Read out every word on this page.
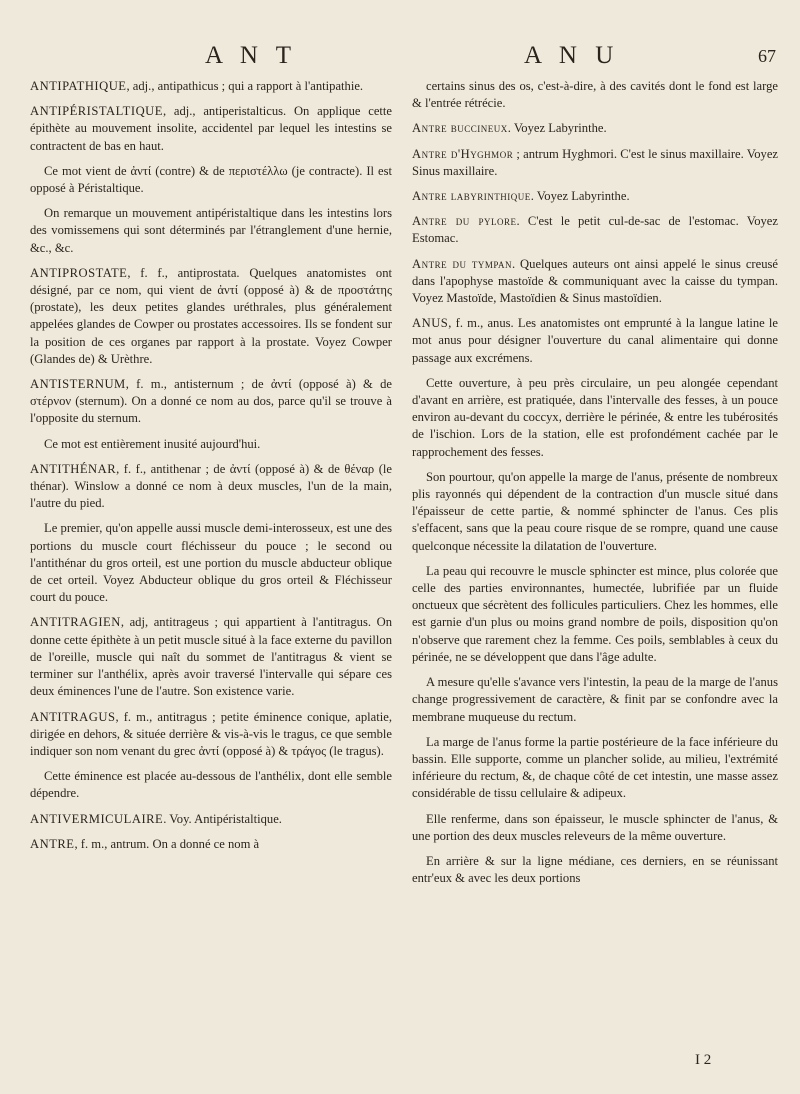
A N T	A N U	67

ANTIPATHIQUE, adj., antipathicus ; qui a rapport à l'antipathie.

ANTIPÉRISTALTIQUE, adj., antiperistalticus. On applique cette épithète au mouvement insolite, accidentel par lequel les intestins se contractent de bas en haut.

Ce mot vient de ἀντί (contre) & de περιστέλλω (je contracte). Il est opposé à Péristaltique.

On remarque un mouvement antipéristaltique dans les intestins lors des vomissemens qui sont déterminés par l'étranglement d'une hernie, &c., &c.

ANTIPROSTATE, f. f., antiprostata. Quelques anatomistes ont désigné, par ce nom, qui vient de ἀντί (opposé à) & de προστάτης (prostate), les deux petites glandes uréthrales, plus généralement appelées glandes de Cowper ou prostates accessoires. Ils se fondent sur la position de ces organes par rapport à la prostate. Voyez Cowper (Glandes de) & Urèthre.

ANTISTERNUM, f. m., antisternum ; de ἀντί (opposé à) & de στέρνον (sternum). On a donné ce nom au dos, parce qu'il se trouve à l'opposite du sternum.

Ce mot est entièrement inusité aujourd'hui.

ANTITHÉNAR, f. f., antithenar ; de ἀντί (opposé à) & de θέναρ (le thénar). Winslow a donné ce nom à deux muscles, l'un de la main, l'autre du pied.

Le premier, qu'on appelle aussi muscle demi-interosseux, est une des portions du muscle court fléchisseur du pouce ; le second ou l'antithénar du gros orteil, est une portion du muscle abducteur oblique de cet orteil. Voyez Abducteur oblique du gros orteil & Fléchisseur court du pouce.

ANTITRAGIEN, adj, antitrageus ; qui appartient à l'antitragus. On donne cette épithète à un petit muscle situé à la face externe du pavillon de l'oreille, muscle qui naît du sommet de l'antitragus & vient se terminer sur l'anthélix, après avoir traversé l'intervalle qui sépare ces deux éminences l'une de l'autre. Son existence varie.

ANTITRAGUS, f. m., antitragus ; petite éminence conique, aplatie, dirigée en dehors, & située derrière & vis-à-vis le tragus, ce que semble indiquer son nom venant du grec ἀντί (opposé à) & τράγος (le tragus).

Cette éminence est placée au-dessous de l'anthélix, dont elle semble dépendre.

ANTIVERMICULAIRE. Voy. Antipéristaltique.

ANTRE, f. m., antrum. On a donné ce nom à

certains sinus des os, c'est-à-dire, à des cavités dont le fond est large & l'entrée rétrécie.

Antre buccineux. Voyez Labyrinthe.

Antre d'Hyghmor ; antrum Hyghmori. C'est le sinus maxillaire. Voyez Sinus maxillaire.

Antre labyrinthique. Voyez Labyrinthe.

Antre du pylore. C'est le petit cul-de-sac de l'estomac. Voyez Estomac.

Antre du tympan. Quelques auteurs ont ainsi appelé le sinus creusé dans l'apophyse mastoïde & communiquant avec la caisse du tympan. Voyez Mastoïde, Mastoïdien & Sinus mastoïdien.

ANUS, f. m., anus. Les anatomistes ont emprunté à la langue latine le mot anus pour désigner l'ouverture du canal alimentaire qui donne passage aux excrémens.

Cette ouverture, à peu près circulaire, un peu alongée cependant d'avant en arrière, est pratiquée, dans l'intervalle des fesses, à un pouce environ au-devant du coccyx, derrière le périnée, & entre les tubérosités de l'ischion. Lors de la station, elle est profondément cachée par le rapprochement des fesses.

Son pourtour, qu'on appelle la marge de l'anus, présente de nombreux plis rayonnés qui dépendent de la contraction d'un muscle situé dans l'épaisseur de cette partie, & nommé sphincter de l'anus. Ces plis s'effacent, sans que la peau coure risque de se rompre, quand une cause quelconque nécessite la dilatation de l'ouverture.

La peau qui recouvre le muscle sphincter est mince, plus colorée que celle des parties environnantes, humectée, lubrifiée par un fluide onctueux que sécrètent des follicules particuliers. Chez les hommes, elle est garnie d'un plus ou moins grand nombre de poils, disposition qu'on n'observe que rarement chez la femme. Ces poils, semblables à ceux du périnée, ne se développent que dans l'âge adulte.

A mesure qu'elle s'avance vers l'intestin, la peau de la marge de l'anus change progressivement de caractère, & finit par se confondre avec la membrane muqueuse du rectum.

La marge de l'anus forme la partie postérieure de la face inférieure du bassin. Elle supporte, comme un plancher solide, au milieu, l'extrémité inférieure du rectum, &, de chaque côté de cet intestin, une masse assez considérable de tissu cellulaire & adipeux.

Elle renferme, dans son épaisseur, le muscle sphincter de l'anus, & une portion des deux muscles releveurs de la même ouverture.

En arrière & sur la ligne médiane, ces derniers, en se réunissant entr'eux & avec les deux portions

I 2
